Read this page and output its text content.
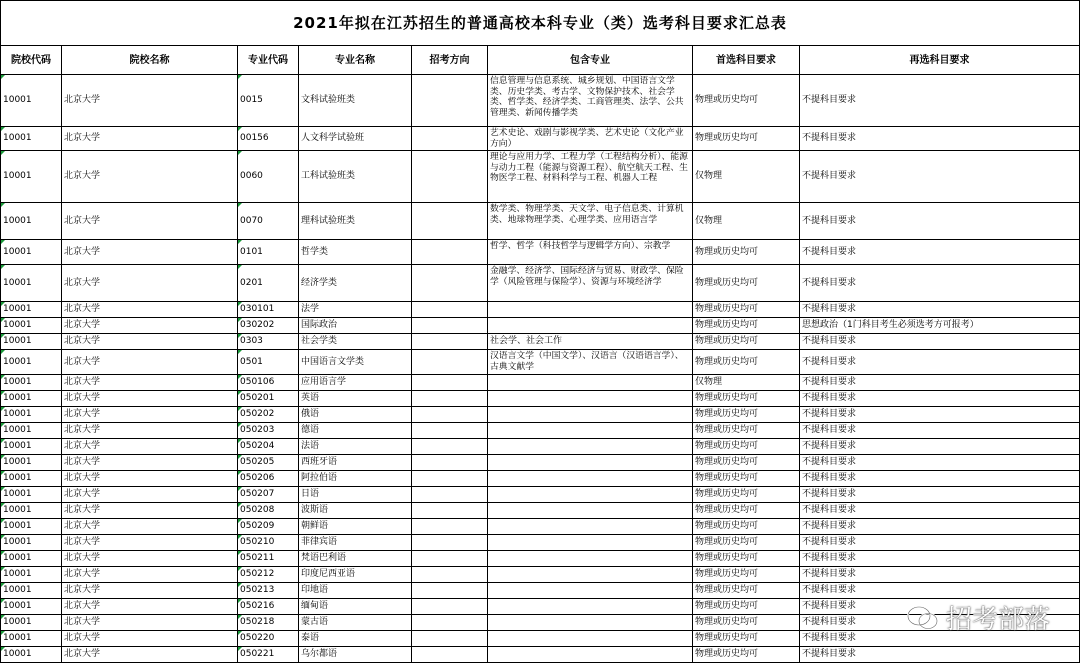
2021年拟在江苏招生的普通高校本科专业（类）选考科目要求汇总表
院校代码	院校名称	专业代码	专业名称	招考方向	包含专业	首选科目要求	再选科目要求
10001	北京大学	0015	文科试验班类		信息管理与信息系统、城乡规划、中国语言文学类、历史学类、考古学、文物保护技术、社会学类、哲学类、经济学类、工商管理类、法学、公共管理类、新闻传播学类	物理或历史均可	不提科目要求
10001	北京大学	00156	人文科学试验班		艺术史论、戏剧与影视学类、艺术史论（文化产业方向）	物理或历史均可	不提科目要求
10001	北京大学	0060	工科试验班类		理论与应用力学、工程力学（工程结构分析）、能源与动力工程（能源与资源工程）、航空航天工程、生物医学工程、材料科学与工程、机器人工程	仅物理	不提科目要求
10001	北京大学	0070	理科试验班类		数学类、物理学类、天文学、电子信息类、计算机类、地球物理学类、心理学类、应用语言学	仅物理	不提科目要求
10001	北京大学	0101	哲学类		哲学、哲学（科技哲学与逻辑学方向）、宗教学	物理或历史均可	不提科目要求
10001	北京大学	0201	经济学类		金融学、经济学、国际经济与贸易、财政学、保险学（风险管理与保险学）、资源与环境经济学	物理或历史均可	不提科目要求
10001	北京大学	030101	法学			物理或历史均可	不提科目要求
10001	北京大学	030202	国际政治			物理或历史均可	思想政治（1门科目考生必须选考方可报考）
10001	北京大学	0303	社会学类		社会学、社会工作	物理或历史均可	不提科目要求
10001	北京大学	0501	中国语言文学类		汉语言文学（中国文学）、汉语言（汉语语言学）、古典文献学	物理或历史均可	不提科目要求
10001	北京大学	050106	应用语言学			仅物理	不提科目要求
10001	北京大学	050201	英语			物理或历史均可	不提科目要求
10001	北京大学	050202	俄语			物理或历史均可	不提科目要求
10001	北京大学	050203	德语			物理或历史均可	不提科目要求
10001	北京大学	050204	法语			物理或历史均可	不提科目要求
10001	北京大学	050205	西班牙语			物理或历史均可	不提科目要求
10001	北京大学	050206	阿拉伯语			物理或历史均可	不提科目要求
10001	北京大学	050207	日语			物理或历史均可	不提科目要求
10001	北京大学	050208	波斯语			物理或历史均可	不提科目要求
10001	北京大学	050209	朝鲜语			物理或历史均可	不提科目要求
10001	北京大学	050210	菲律宾语			物理或历史均可	不提科目要求
10001	北京大学	050211	梵语巴利语			物理或历史均可	不提科目要求
10001	北京大学	050212	印度尼西亚语			物理或历史均可	不提科目要求
10001	北京大学	050213	印地语			物理或历史均可	不提科目要求
10001	北京大学	050216	缅甸语			物理或历史均可	不提科目要求
10001	北京大学	050218	蒙古语			物理或历史均可	不提科目要求
10001	北京大学	050220	泰语			物理或历史均可	不提科目要求
10001	北京大学	050221	乌尔都语			物理或历史均可	不提科目要求
招考部落
